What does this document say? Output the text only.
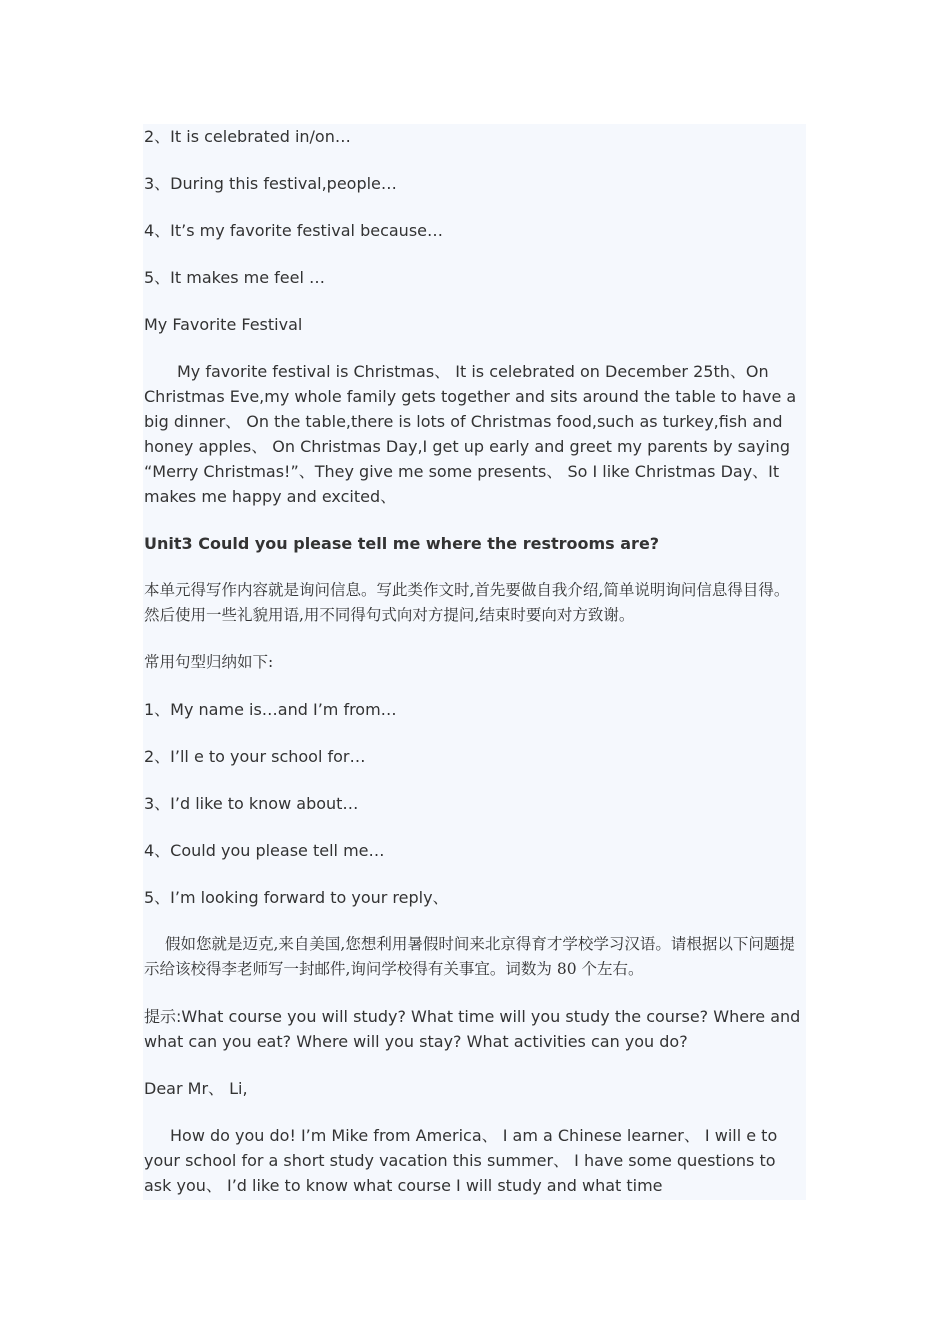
2、It is celebrated in/on…

3、During this festival,people…

4、It’s my favorite festival because…

5、It makes me feel …

My Favorite Festival

My favorite festival is Christmas、 It is celebrated on December 25th、On Christmas Eve,my whole family gets together and sits around the table to have a big dinner、 On the table,there is lots of Christmas food,such as turkey,fish and honey apples、 On Christmas Day,I get up early and greet my parents by saying “Merry Christmas!”、They give me some presents、 So I like Christmas Day、It makes me happy and excited、

Unit3 Could you please tell me where the restrooms are?

本单元得写作内容就是询问信息。写此类作文时,首先要做自我介绍,简单说明询问信息得目得。然后使用一些礼貌用语,用不同得句式向对方提问,结束时要向对方致谢。

常用句型归纳如下:

1、My name is…and I’m from…

2、I’ll e to your school for…

3、I’d like to know about…

4、Could you please tell me…

5、I’m looking forward to your reply、

假如您就是迈克,来自美国,您想利用暑假时间来北京得育才学校学习汉语。请根据以下问题提示给该校得李老师写一封邮件,询问学校得有关事宜。词数为 80 个左右。

提示:What course you will study? What time will you study the course? Where and what can you eat? Where will you stay? What activities can you do?

Dear Mr、 Li,

How do you do! I’m Mike from America、 I am a Chinese learner、 I will e to your school for a short study vacation this summer、 I have some questions to ask you、 I’d like to know what course I will study and what time
